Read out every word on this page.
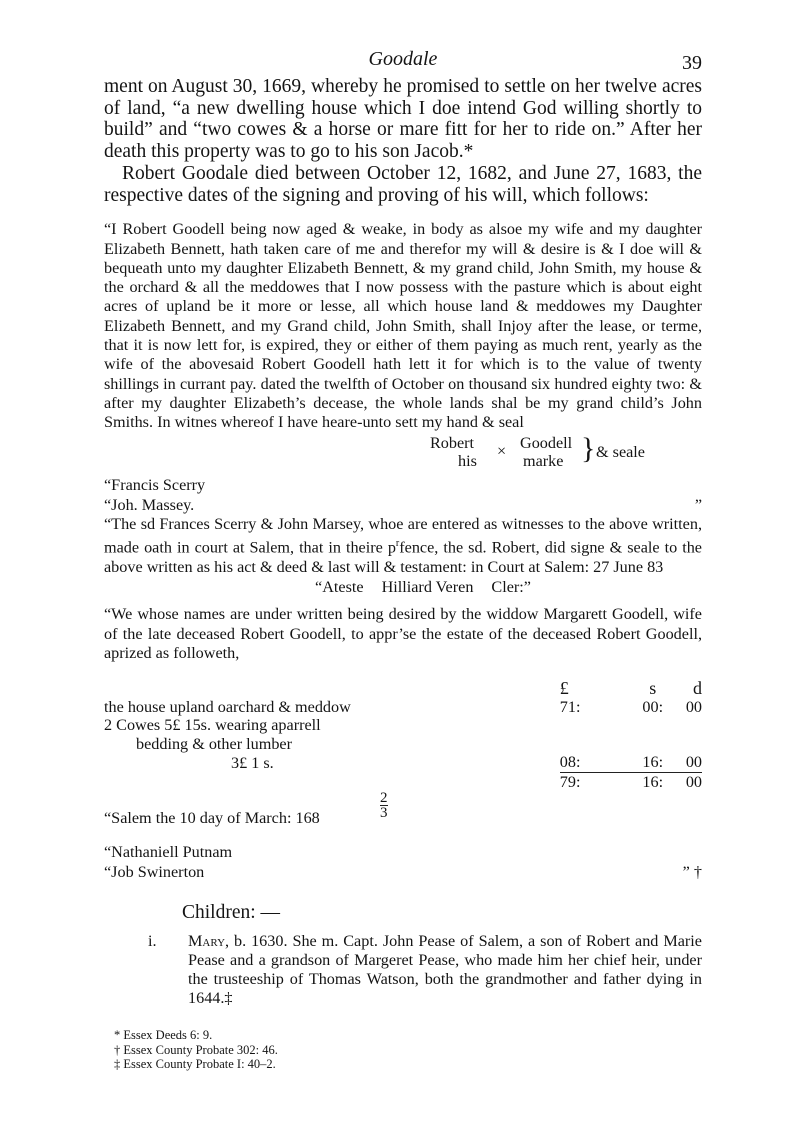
Goodale	39

ment on August 30, 1669, whereby he promised to settle on her twelve acres of land, “a new dwelling house which I doe intend God willing shortly to build” and “two cowes & a horse or mare fitt for her to ride on.” After her death this property was to go to his son Jacob.*

Robert Goodale died between October 12, 1682, and June 27, 1683, the respective dates of the signing and proving of his will, which follows:

“I Robert Goodell being now aged & weake, in body as alsoe my wife and my daughter Elizabeth Bennett, hath taken care of me and therefor my will & desire is & I doe will & bequeath unto my daughter Elizabeth Bennett, & my grand child, John Smith, my house & the orchard & all the meddowes that I now possess with the pasture which is about eight acres of upland be it more or lesse, all which house land & meddowes my Daughter Elizabeth Bennett, and my Grand child, John Smith, shall Injoy after the lease, or terme, that it is now lett for, is expired, they or either of them paying as much rent, yearly as the wife of the abovesaid Robert Goodell hath lett it for which is to the value of twenty shillings in currant pay. dated the twelfth of October on thousand six hundred eighty two: & after my daughter Elizabeth’s decease, the whole lands shal be my grand child’s John Smiths. In witnes whereof I have heare-unto sett my hand & seal

Robert
his
× Goodell
marke } & seale
“Francis Scerry
“Joh. Massey.	”
“The sd Frances Scerry & John Marsey, whoe are entered as witnesses to the above written, made oath in court at Salem, that in theire $p^rfence$, the sd. Robert, did signe & seale to the above written as his act & deed & last will & testament: in Court at Salem: 27 June 83
“Ateste Hilliard Veren Cler:”

“We whose names are under written being desired by the widdow Margarett Goodell, wife of the late deceased Robert Goodell, to appr’se the estate of the deceased Robert Goodell, aprized as followeth,

	£	s	d
the house upland oarchard & meddow	71:	00:	00
2 Cowes 5£ 15s. wearing aparrell			
bedding & other lumber			
3£ 1 s.	08:	16:	00
	79:	16:	00
“Salem the 10 day of March: 168	$\frac{2}{3}$
“Nathaniell Putnam
“Job Swinerton	” †
Children: —
i. Mary, b. 1630. She m. Capt. John Pease of Salem, a son of Robert and Marie Pease and a grandson of Margeret Pease, who made him her chief heir, under the trusteeship of Thomas Watson, both the grandmother and father dying in 1644.‡
* Essex Deeds 6: 9.
† Essex County Probate 302: 46.
‡ Essex County Probate I: 40–2.
